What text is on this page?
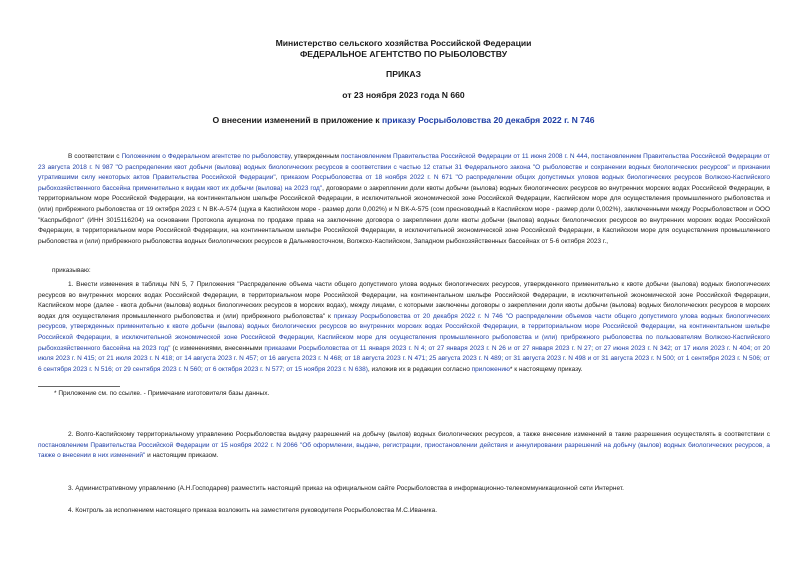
Министерство сельского хозяйства Российской Федерации
ФЕДЕРАЛЬНОЕ АГЕНТСТВО ПО РЫБОЛОВСТВУ
ПРИКАЗ
от 23 ноября 2023 года N 660
О внесении изменений в приложение к приказу Росрыболовства 20 декабря 2022 г. N 746
В соответствии с Положением о Федеральном агентстве по рыболовству, утвержденным постановлением Правительства Российской Федерации от 11 июня 2008 г. N 444, постановлением Правительства Российской Федерации от 23 августа 2018 г. N 987 "О распределении квот добычи (вылова) водных биологических ресурсов в соответствии с частью 12 статьи 31 Федерального закона "О рыболовстве и сохранении водных биологических ресурсов" и признании утратившими силу некоторых актов Правительства Российской Федерации", приказом Росрыболовства от 18 ноября 2022 г. N 671 "О распределении общих допустимых уловов водных биологических ресурсов Волжско-Каспийского рыбохозяйственного бассейна применительно к видам квот их добычи (вылова) на 2023 год", договорами о закреплении доли квоты добычи (вылова) водных биологических ресурсов во внутренних морских водах Российской Федерации, в территориальном море Российской Федерации, на континентальном шельфе Российской Федерации, в исключительной экономической зоне Российской Федерации, Каспийском море для осуществления промышленного рыболовства и (или) прибрежного рыболовства от 19 октября 2023 г. N ВК-А-574 (щука в Каспийском море - размер доли 0,002%) и N ВК-А-575 (сом пресноводный в Каспийском море - размер доли 0,002%), заключенными между Росрыболовством и ООО "Каспрыбфлот" (ИНН 3015116204) на основании Протокола аукциона по продаже права на заключение договора о закреплении доли квоты добычи (вылова) водных биологических ресурсов во внутренних морских водах Российской Федерации, в территориальном море Российской Федерации, на континентальном шельфе Российской Федерации, в исключительной экономической зоне Российской Федерации, в Каспийском море для осуществления промышленного рыболовства и (или) прибрежного рыболовства водных биологических ресурсов в Дальневосточном, Волжско-Каспийском, Западном рыбохозяйственных бассейнах от 5-6 октября 2023 г.,
приказываю:
1. Внести изменения в таблицы NN 5, 7 Приложения "Распределение объема части общего допустимого улова водных биологических ресурсов, утвержденного применительно к квоте добычи (вылова) водных биологических ресурсов во внутренних морских водах Российской Федерации, в территориальном море Российской Федерации, на континентальном шельфе Российской Федерации, в исключительной экономической зоне Российской Федерации, Каспийском море (далее - квота добычи (вылова) водных биологических ресурсов в морских водах), между лицами, с которыми заключены договоры о закреплении доли квоты добычи (вылова) водных биологических ресурсов в морских водах для осуществления промышленного рыболовства и (или) прибрежного рыболовства" к приказу Росрыболовства от 20 декабря 2022 г. N 746 "О распределении объемов части общего допустимого улова водных биологических ресурсов, утвержденных применительно к квоте добычи (вылова) водных биологических ресурсов во внутренних морских водах Российской Федерации, в территориальном море Российской Федерации, на континентальном шельфе Российской Федерации, в исключительной экономической зоне Российской Федерации, Каспийском море для осуществления промышленного рыболовства и (или) прибрежного рыболовства по пользователям Волжско-Каспийского рыбохозяйственного бассейна на 2023 год" (с изменениями, внесенными приказами Росрыболовства от 11 января 2023 г. N 4; от 27 января 2023 г. N 26 и от 27 января 2023 г. N 27; от 27 июня 2023 г. N 342; от 17 июля 2023 г. N 404; от 20 июля 2023 г. N 415; от 21 июля 2023 г. N 418; от 14 августа 2023 г. N 457; от 16 августа 2023 г. N 468; от 18 августа 2023 г. N 471; 25 августа 2023 г. N 489; от 31 августа 2023 г. N 498 и от 31 августа 2023 г. N 500; от 1 сентября 2023 г. N 506; от 6 сентября 2023 г. N 516; от 29 сентября 2023 г. N 560; от 6 октября 2023 г. N 577; от 15 ноября 2023 г. N 638), изложив их в редакции согласно приложению* к настоящему приказу.
* Приложение см. по ссылке. - Примечание изготовителя базы данных.
2. Волго-Каспийскому территориальному управлению Росрыболовства выдачу разрешений на добычу (вылов) водных биологических ресурсов, а также внесение изменений в такие разрешения осуществлять в соответствии с постановлением Правительства Российской Федерации от 15 ноября 2022 г. N 2066 "Об оформлении, выдаче, регистрации, приостановлении действия и аннулировании разрешений на добычу (вылов) водных биологических ресурсов, а также о внесении в них изменений" и настоящим приказом.
3. Административному управлению (А.Н.Господарев) разместить настоящий приказ на официальном сайте Росрыболовства в информационно-телекоммуникационной сети Интернет.
4. Контроль за исполнением настоящего приказа возложить на заместителя руководителя Росрыболовства М.С.Иваника.
